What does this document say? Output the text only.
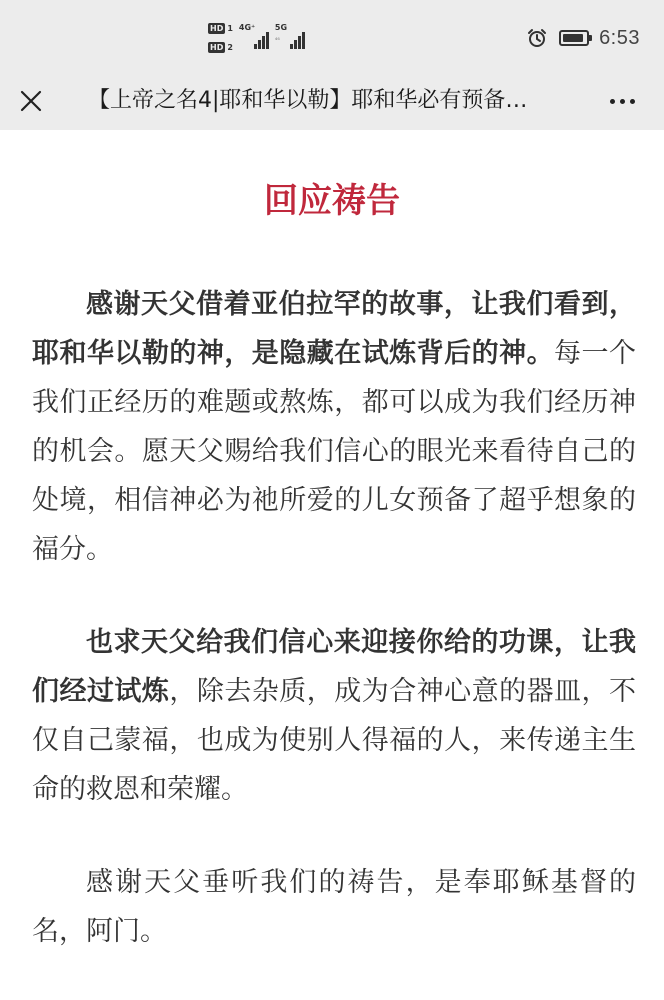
HD 1
HD 2
4G⁺ 5G
⁴⁶	6:53
【上帝之名4|耶和华以勒】耶和华必有预备…
回应祷告

感谢天父借着亚伯拉罕的故事，让我们看到，耶和华以勒的神，是隐藏在试炼背后的神。每一个我们正经历的难题或熬炼，都可以成为我们经历神的机会。愿天父赐给我们信心的眼光来看待自己的处境，相信神必为祂所爱的儿女预备了超乎想象的福分。

也求天父给我们信心来迎接你给的功课，让我们经过试炼，除去杂质，成为合神心意的器皿，不仅自己蒙福，也成为使别人得福的人，来传递主生命的救恩和荣耀。

感谢天父垂听我们的祷告，是奉耶稣基督的名，阿门。
